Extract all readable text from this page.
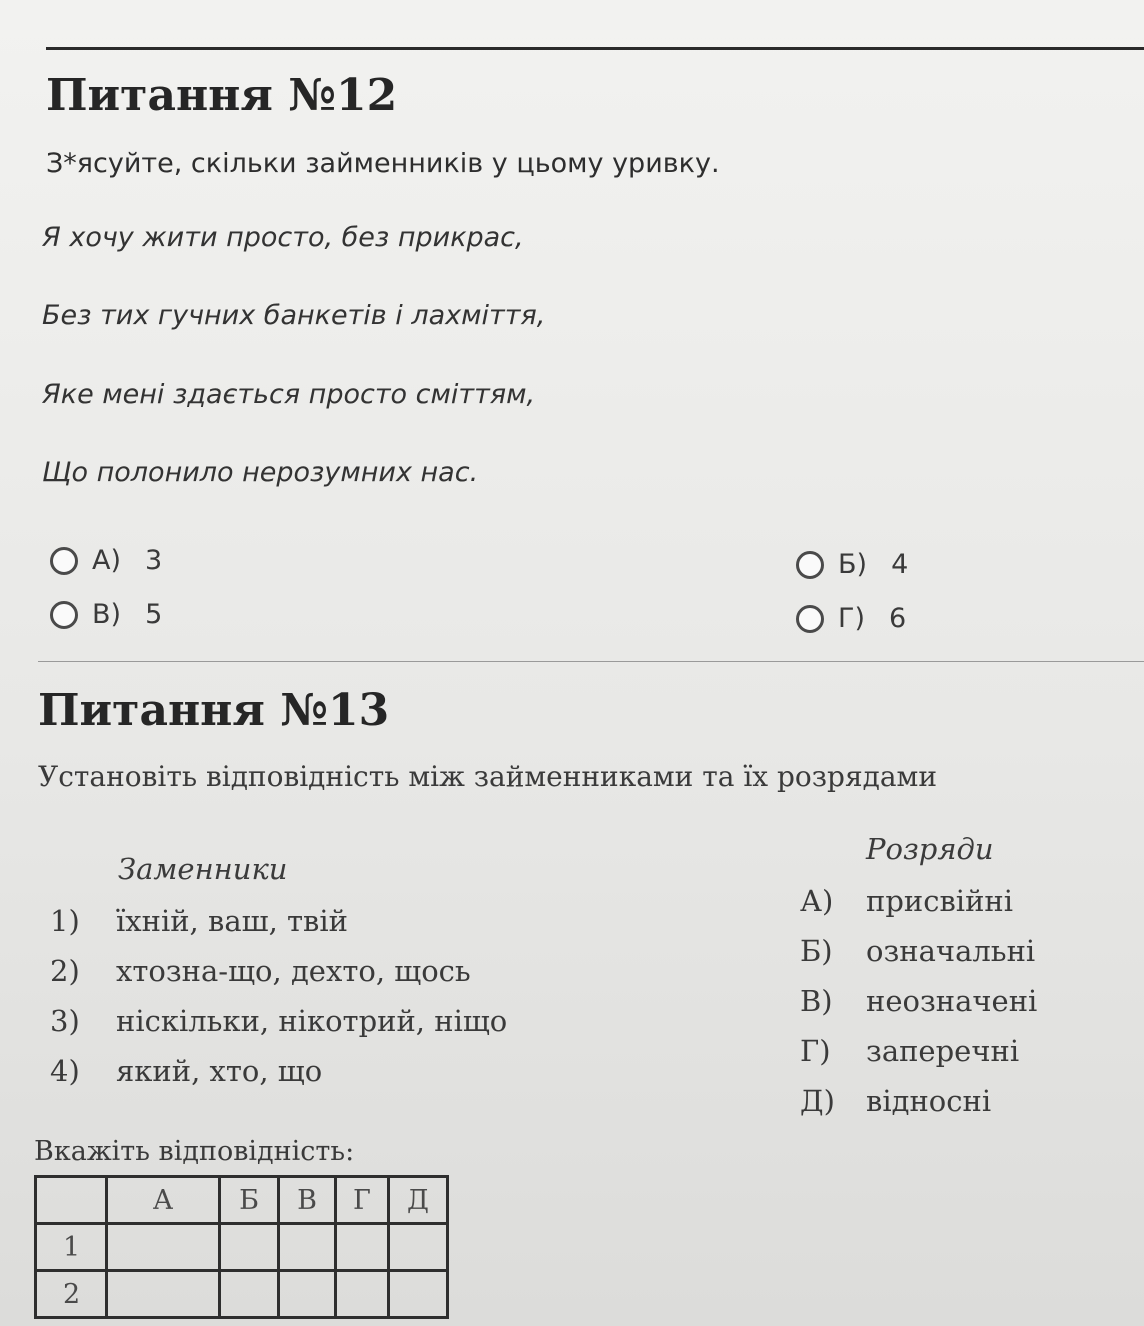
Питання №12
З*ясуйте, скільки займенників у цьому уривку.
Я хочу жити просто, без прикрас,
Без тих гучних банкетів і лахміття,
Яке мені здається просто сміттям,
Що полонило нерозумних нас.
А) 3	Б) 4
В) 5	Г) 6
Питання №13
Установіть відповідність між займенниками та їх розрядами
Заменники
Розряди
1)	їхній, ваш, твій
2)	хтозна-що, дехто, щось
3)	ніскільки, нікотрий, ніщо
4)	який, хто, що
А)	присвійні
Б)	означальні
В)	неозначені
Г)	заперечні
Д)	відносні
Вкажіть відповідність:
	А	Б	В	Г	Д
1					
2					
